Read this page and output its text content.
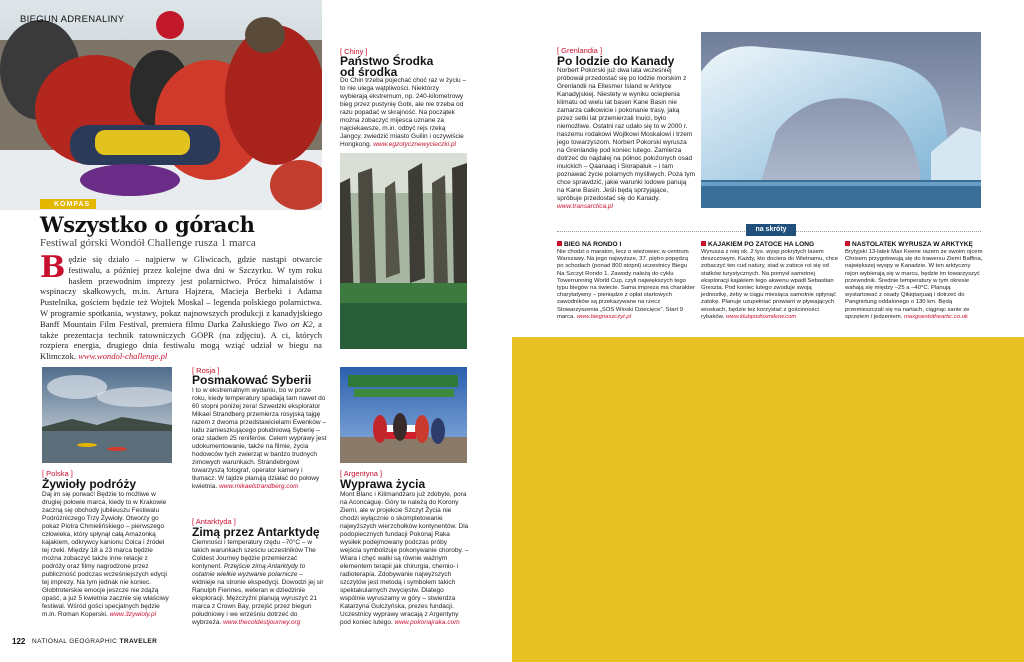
BIEGUN ADRENALINY
KOMPAS
Wszystko o górach
Festiwal górski Wondół Challenge rusza 1 marca
Będzie się działo – najpierw w Gliwicach, gdzie nastąpi otwarcie festiwalu, a później przez kolejne dwa dni w Szczyrku. W tym roku hasłem przewodnim imprezy jest polarnictwo. Prócz himalaistów i wspinaczy skałkowych, m.in. Artura Hajzera, Macieja Berbeki i Adama Pustelnika, gościem będzie też Wojtek Moskal – legenda polskiego polarnictwa. W programie spotkania, wystawy, pokaz najnowszych produkcji z kanadyjskiego Banff Mountain Film Festival, premiera filmu Darka Załuskiego Two on K2, a także prezentacja technik ratowniczych GOPR (na zdjęciu). A ci, których rozpiera energia, drugiego dnia festiwalu mogą wziąć udział w biegu na Klimczok. www.wondol-challenge.pl
[ Polska ]
Żywioły podróży
Daj im się porwać! Będzie to możliwe w drugiej połowie marca, kiedy to w Krakowie zaczną się obchody jubileuszu Festiwalu Podróżniczego Trzy Żywioły. Otworzy go pokaz Piotra Chmielińskiego – pierwszego człowieka, który spłynął całą Amazonką kajakiem, odkrywcy kanionu Colca i źródeł tej rzeki. Między 18 a 23 marca będzie można zobaczyć także inne relacje z podróży oraz filmy nagrodzone przez publiczność podczas wcześniejszych edycji tej imprezy. Na tym jednak nie koniec. Globtroterskie emocje jeszcze nie zdążą opaść, a już 5 kwietnia zacznie się właściwy festiwal. Wśród gości specjalnych będzie m.in. Roman Koperski. www.3zywioly.pl
[ Chiny ]
Państwo Środka od środka
Do Chin trzeba pojechać choć raz w życiu – to nie ulega wątpliwości. Niektórzy wybierają ekstremum, np. 240-kilometrowy bieg przez pustynię Gobi, ale nie trzeba od razu popadać w skrajność. Na początek można zobaczyć mijesca uznane za najciekawsze, m.in. odbyć rejs rzeką Jangcy, zwiedzić miasto Guilin i oczywiście Hongkong. www.egzotycznewycieczki.pl
[ Rosja ]
Posmakować Syberii
I to w ekstremalnym wydaniu, bo w porze roku, kiedy temperatury spadają tam nawet do 60 stopni poniżej zera! Szwedzki eksplorator Mikael Strandberg przemierza rosyjską tajgę razem z dwoma przedstawicielami Ewenków – ludu zamieszkującego południową Syberię – oraz stadem 25 reniferów. Celem wyprawy jest udokumentowanie, także na filmie, życia hodowców tych zwierząt w bardzo trudnych zimowych warunkach. Strandebrgowi towarzyszą fotograf, operator kamery i tłumacz. W tajdze planują działać do połowy kwietnia. www.mikaelstrandberg.com
[ Antarktyda ]
Zimą przez Antarktydę
Ciemności i temperatury rzędu –70°C – w takich warunkach sześciu uczestników The Coldest Journey będzie przemierzać kontynent. Przejście zimą Antarktydy to ostatnie wielkie wyzwanie polarnicze – widnieje na stronie ekspedycji. Dowodzi jej sir Ranulph Fiennes, weteran w dziedzinie eksploracji. Mężczyźni planują wyruszyć 21 marca z Crown Bay, przejść przez biegun południowy i we wrześniu dotrzeć do wybrzeża. www.thecoldestjourney.org
[ Argentyna ]
Wyprawa życia
Mont Blanc i Kilimandżaro już zdobyte, pora na Aconcaguę. Góry te należą do Korony Ziemi, ale w projekcie Szczyt Życia nie chodzi wyłącznie o skompletowanie najwyższych wierzchołków kontynentów. Dla podopiecznych fundacji Pokonaj Raka wysiłek podejmowany podczas próby wejścia symbolizuje pokonywanie choroby. – Wiara i chęć walki są równie ważnym elementem terapii jak chirurgia, chemio- i radioterapia. Zdobywanie najwyższych szczytów jest metodą i symbolem takich spektakularnych zwycięstw. Dlatego wspólnie wyruszamy w góry – stwierdza Katarzyna Gulczyńska, prezes fundacji. Uczestnicy wyprawy wracają z Argentyny pod koniec lutego. www.pokonajraka.com
122 NATIONAL GEOGRAPHIC TRAVELER
[ Grenlandia ]
Po lodzie do Kanady
Norbert Pokorski już dwa lata wcześniej próbował przedostać się po lodzie morskim z Grenlandii na Ellesmer Island w Arktyce Kanadyjskiej. Niestety w wyniku ocieplenia klimatu od wielu lat basen Kane Basin nie zamarza całkowicie i pokonanie trasy, jaką przez setki lat przemierzali Inuici, było niemożliwe. Ostatni raz udało się to w 2000 r. naszemu rodakowi Wojtkowi Moskalowi i trzem jego towarzyszom. Norbert Pokorski wyrusza na Grenlandię pod koniec lutego. Zamierza dotrzeć do najdalej na północ położonych osad inuickich – Qaanaaq i Siorapaluk – i tam poznawać życie polarnych myśliwych. Poza tym chce sprawdzić, jakie warunki lodowe panują na Kane Basin. Jeśli będą sprzyjające, spróbuje przedostać się do Kanady. www.transarctica.pl
na skróty
BIEG NA RONDO I
Nie chodzi o maraton, lecz o wieżowiec w centrum Warszawy. Na jego najwyższe, 37. piętro popędzą po schodach (ponad 800 stopni) uczestnicy Biegu Na Szczyt Rondo 1. Zawody należą do cyklu Towerrunning World Cup, czyli największych tego typu biegów na świecie. Sama impreza ma charakter charytatywny – pieniądze z opłat startowych zawodników są przekazywane na rzecz Stowarzyszenia „SOS Wioski Dziecięce”. Start 9 marca. www.biegnaszczyt.pl
KAJAKIEM PO ZATOCE HA LONG
Wyrusza z niej ok. 2 tys. wysp pokrytych lasem deszczowym. Każdy, kto dociera do Wietnamu, chce zobaczyć ten cud natury, stad w zatoce roi się od statków turystycznych. Na pomysł samotnej eksploracji kajakiem tego akwenu wpadł Sebastian Greszta. Pod koniec lutego zwoduje swoją jednostkę, żeby w ciągu miesiąca samotnie opłynąć zatokę. Planuje uzupełniać prowiant w pływających wioskach, będzie też korzystać z gościnności rybaków. www.klubpodroznikow.com
NASTOLATEK WYRUSZA W ARKTYKĘ
Brytyjski 13-latek Max Keene razem ze swoim ojcem Chrisem przygotowują się do trawersu Ziemi Baffina, największej wyspy w Kanadzie. W ten arktyczny rejon wybierają się w marcu, będzie im towarzyszyć przewodnik. Średnie temperatury w tym okresie wahają się między –25 a –40°C. Planują wystartować z osady Qikiqtarjuaq i dotrzeć do Pangnirtung oddalonego o 130 km. Będą przemieszczali się na nartach, ciągnąc sanie ze sprzętem i jedzeniem. maxgoestotheartic.co.uk
